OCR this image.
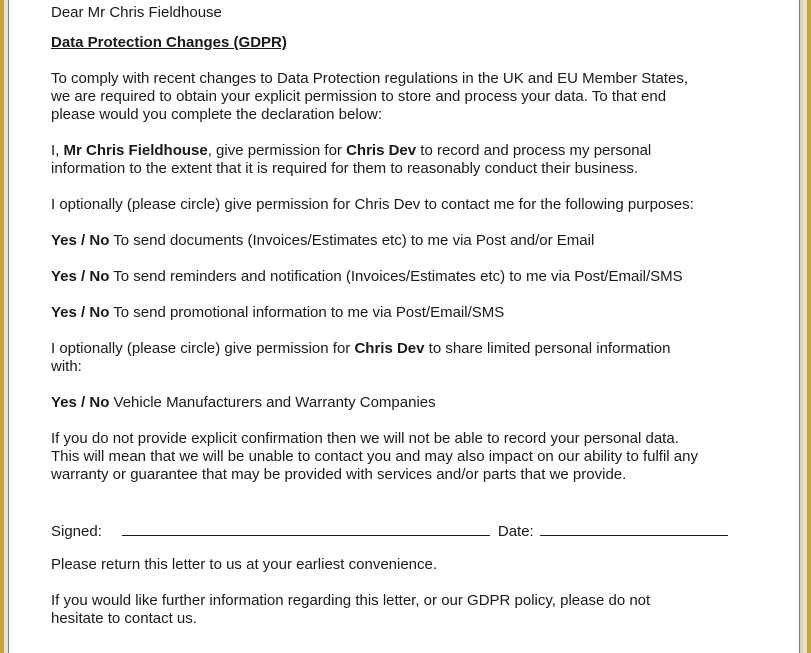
Dear Mr Chris Fieldhouse

Data Protection Changes (GDPR)

To comply with recent changes to Data Protection regulations in the UK and EU Member States,

we are required to obtain your explicit permission to store and process your data. To that end

please would you complete the declaration below:

I, Mr Chris Fieldhouse, give permission for Chris Dev to record and process my personal

information to the extent that it is required for them to reasonably conduct their business.

I optionally (please circle) give permission for Chris Dev to contact me for the following purposes:

Yes / No To send documents (Invoices/Estimates etc) to me via Post and/or Email

Yes / No To send reminders and notification (Invoices/Estimates etc) to me via Post/Email/SMS

Yes / No To send promotional information to me via Post/Email/SMS

I optionally (please circle) give permission for Chris Dev to share limited personal information

with:

Yes / No Vehicle Manufacturers and Warranty Companies

If you do not provide explicit confirmation then we will not be able to record your personal data.

This will mean that we will be unable to contact you and may also impact on our ability to fulfil any

warranty or guarantee that may be provided with services and/or parts that we provide.

Signed:	Date:

Please return this letter to us at your earliest convenience.

If you would like further information regarding this letter, or our GDPR policy, please do not

hesitate to contact us.
